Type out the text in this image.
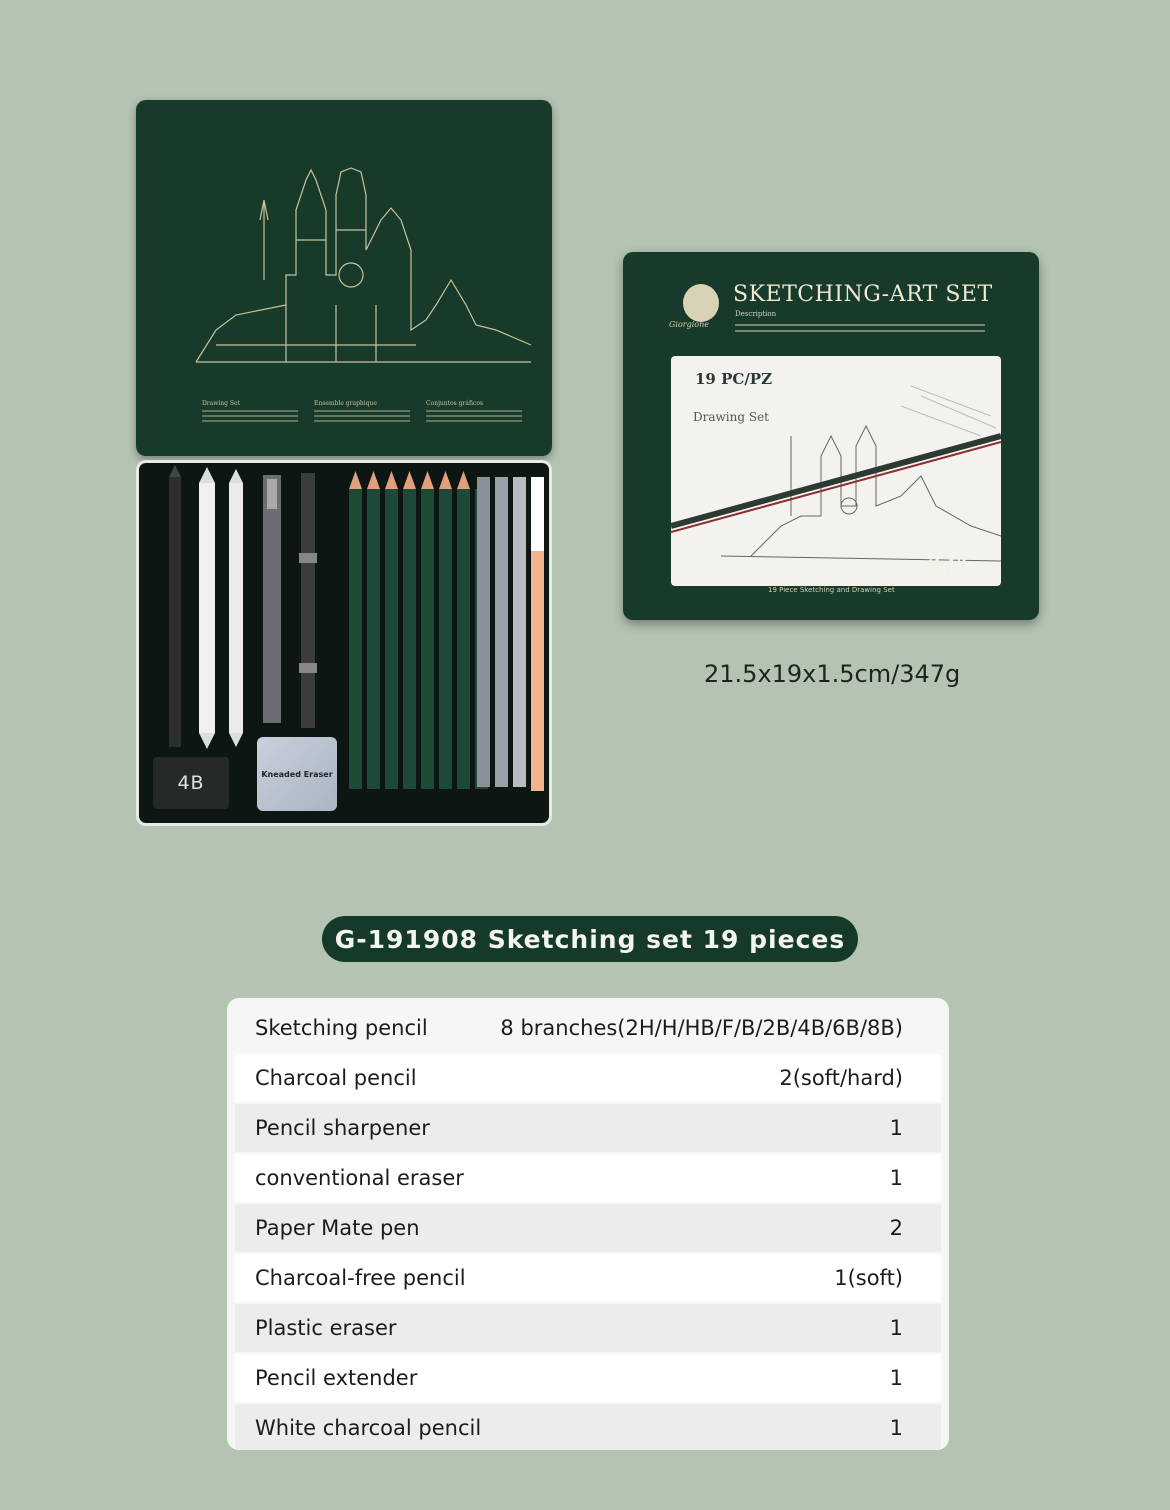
Drawing Set	Ensemble graphique	Conjuntos gráficos
4B	Kneaded Eraser
Giorgione
SKETCHING-ART SET
Description
19 PC/PZ
Drawing Set
Art
19 Piece Sketching and Drawing Set
21.5x19x1.5cm/347g
G-191908 Sketching set 19 pieces
Sketching pencil	8 branches(2H/H/HB/F/B/2B/4B/6B/8B)
Charcoal pencil	2(soft/hard)
Pencil sharpener	1
conventional eraser	1
Paper Mate pen	2
Charcoal-free pencil	1(soft)
Plastic eraser	1
Pencil extender	1
White charcoal pencil	1
